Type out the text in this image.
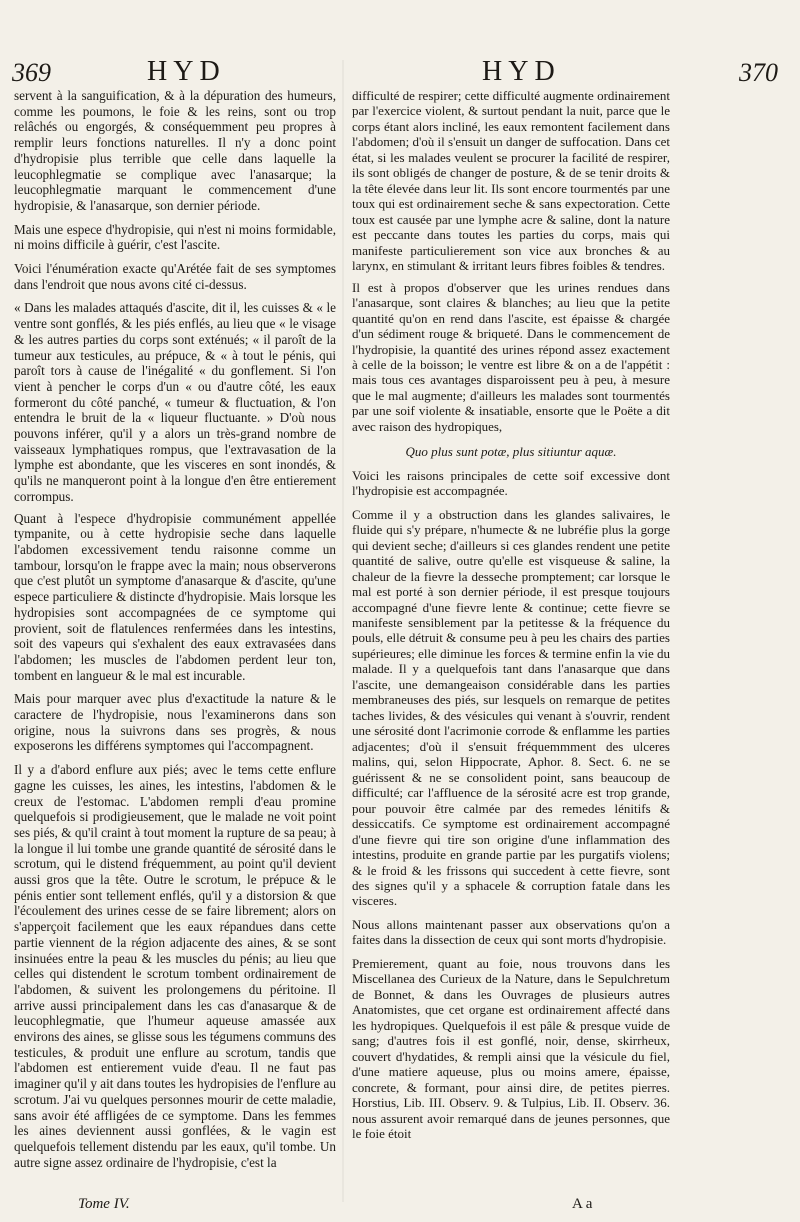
369	HYD	HYD	370

servent à la sanguification, & à la dépuration des humeurs, comme les poumons, le foie & les reins, sont ou trop relâchés ou engorgés, & conséquemment peu propres à remplir leurs fonctions naturelles. Il n'y a donc point d'hydropisie plus terrible que celle dans laquelle la leucophlegmatie se complique avec l'anasarque; la leucophlegmatie marquant le commencement d'une hydropisie, & l'anasarque, son dernier période.

Mais une espece d'hydropisie, qui n'est ni moins formidable, ni moins difficile à guérir, c'est l'ascite.

Voici l'énumération exacte qu'Arétée fait de ses symptomes dans l'endroit que nous avons cité ci-dessus.

« Dans les malades attaqués d'ascite, dit il, les cuisses & « le ventre sont gonflés, & les piés enflés, au lieu que « le visage & les autres parties du corps sont exténués; « il paroît de la tumeur aux testicules, au prépuce, & « à tout le pénis, qui paroît tors à cause de l'inégalité « du gonflement. Si l'on vient à pencher le corps d'un « ou d'autre côté, les eaux formeront du côté panché, « tumeur & fluctuation, & l'on entendra le bruit de la « liqueur fluctuante. » D'où nous pouvons inférer, qu'il y a alors un très-grand nombre de vaisseaux lymphatiques rompus, que l'extravasation de la lymphe est abondante, que les visceres en sont inondés, & qu'ils ne manqueront point à la longue d'en être entierement corrompus.

Quant à l'espece d'hydropisie communément appellée tympanite, ou à cette hydropisie seche dans laquelle l'abdomen excessivement tendu raisonne comme un tambour, lorsqu'on le frappe avec la main; nous observerons que c'est plutôt un symptome d'anasarque & d'ascite, qu'une espece particuliere & distincte d'hydropisie. Mais lorsque les hydropisies sont accompagnées de ce symptome qui provient, soit de flatulences renfermées dans les intestins, soit des vapeurs qui s'exhalent des eaux extravasées dans l'abdomen; les muscles de l'abdomen perdent leur ton, tombent en langueur & le mal est incurable.

Mais pour marquer avec plus d'exactitude la nature & le caractere de l'hydropisie, nous l'examinerons dans son origine, nous la suivrons dans ses progrès, & nous exposerons les différens symptomes qui l'accompagnent.

Il y a d'abord enflure aux piés; avec le tems cette enflure gagne les cuisses, les aines, les intestins, l'abdomen & le creux de l'estomac. L'abdomen rempli d'eau promine quelquefois si prodigieusement, que le malade ne voit point ses piés, & qu'il craint à tout moment la rupture de sa peau; à la longue il lui tombe une grande quantité de sérosité dans le scrotum, qui le distend fréquemment, au point qu'il devient aussi gros que la tête. Outre le scrotum, le prépuce & le pénis entier sont tellement enflés, qu'il y a distorsion & que l'écoulement des urines cesse de se faire librement; alors on s'apperçoit facilement que les eaux répandues dans cette partie viennent de la région adjacente des aines, & se sont insinuées entre la peau & les muscles du pénis; au lieu que celles qui distendent le scrotum tombent ordinairement de l'abdomen, & suivent les prolongemens du péritoine. Il arrive aussi principalement dans les cas d'anasarque & de leucophlegmatie, que l'humeur aqueuse amassée aux environs des aines, se glisse sous les tégumens communs des testicules, & produit une enflure au scrotum, tandis que l'abdomen est entierement vuide d'eau. Il ne faut pas imaginer qu'il y ait dans toutes les hydropisies de l'enflure au scrotum. J'ai vu quelques personnes mourir de cette maladie, sans avoir été affligées de ce symptome. Dans les femmes les aines deviennent aussi gonflées, & le vagin est quelquefois tellement distendu par les eaux, qu'il tombe. Un autre signe assez ordinaire de l'hydropisie, c'est la

difficulté de respirer; cette difficulté augmente ordinairement par l'exercice violent, & surtout pendant la nuit, parce que le corps étant alors incliné, les eaux remontent facilement dans l'abdomen; d'où il s'ensuit un danger de suffocation. Dans cet état, si les malades veulent se procurer la facilité de respirer, ils sont obligés de changer de posture, & de se tenir droits & la tête élevée dans leur lit. Ils sont encore tourmentés par une toux qui est ordinairement seche & sans expectoration. Cette toux est causée par une lymphe acre & saline, dont la nature est peccante dans toutes les parties du corps, mais qui manifeste particulierement son vice aux bronches & au larynx, en stimulant & irritant leurs fibres foibles & tendres.

Il est à propos d'observer que les urines rendues dans l'anasarque, sont claires & blanches; au lieu que la petite quantité qu'on en rend dans l'ascite, est épaisse & chargée d'un sédiment rouge & briqueté. Dans le commencement de l'hydropisie, la quantité des urines répond assez exactement à celle de la boisson; le ventre est libre & on a de l'appétit : mais tous ces avantages disparoissent peu à peu, à mesure que le mal augmente; d'ailleurs les malades sont tourmentés par une soif violente & insatiable, ensorte que le Poëte a dit avec raison des hydropiques,

Quo plus sunt potæ, plus sitiuntur aquæ.

Voici les raisons principales de cette soif excessive dont l'hydropisie est accompagnée.

Comme il y a obstruction dans les glandes salivaires, le fluide qui s'y prépare, n'humecte & ne lubréfie plus la gorge qui devient seche; d'ailleurs si ces glandes rendent une petite quantité de salive, outre qu'elle est visqueuse & saline, la chaleur de la fievre la desseche promptement; car lorsque le mal est porté à son dernier période, il est presque toujours accompagné d'une fievre lente & continue; cette fievre se manifeste sensiblement par la petitesse & la fréquence du pouls, elle détruit & consume peu à peu les chairs des parties supérieures; elle diminue les forces & termine enfin la vie du malade. Il y a quelquefois tant dans l'anasarque que dans l'ascite, une demangeaison considérable dans les parties membraneuses des piés, sur lesquels on remarque de petites taches livides, & des vésicules qui venant à s'ouvrir, rendent une sérosité dont l'acrimonie corrode & enflamme les parties adjacentes; d'où il s'ensuit fréquemmment des ulceres malins, qui, selon Hippocrate, Aphor. 8. Sect. 6. ne se guérissent & ne se consolident point, sans beaucoup de difficulté; car l'affluence de la sérosité acre est trop grande, pour pouvoir être calmée par des remedes lénitifs & dessiccatifs. Ce symptome est ordinairement accompagné d'une fievre qui tire son origine d'une inflammation des intestins, produite en grande partie par les purgatifs violens; & le froid & les frissons qui succedent à cette fievre, sont des signes qu'il y a sphacele & corruption fatale dans les visceres.

Nous allons maintenant passer aux observations qu'on a faites dans la dissection de ceux qui sont morts d'hydropisie.

Premierement, quant au foie, nous trouvons dans les Miscellanea des Curieux de la Nature, dans le Sepulchretum de Bonnet, & dans les Ouvrages de plusieurs autres Anatomistes, que cet organe est ordinairement affecté dans les hydropiques. Quelquefois il est pâle & presque vuide de sang; d'autres fois il est gonflé, noir, dense, skirrheux, couvert d'hydatides, & rempli ainsi que la vésicule du fiel, d'une matiere aqueuse, plus ou moins amere, épaisse, concrete, & formant, pour ainsi dire, de petites pierres. Horstius, Lib. III. Observ. 9. & Tulpius, Lib. II. Observ. 36. nous assurent avoir remarqué dans de jeunes personnes, que le foie étoit

Tome IV.	A a
